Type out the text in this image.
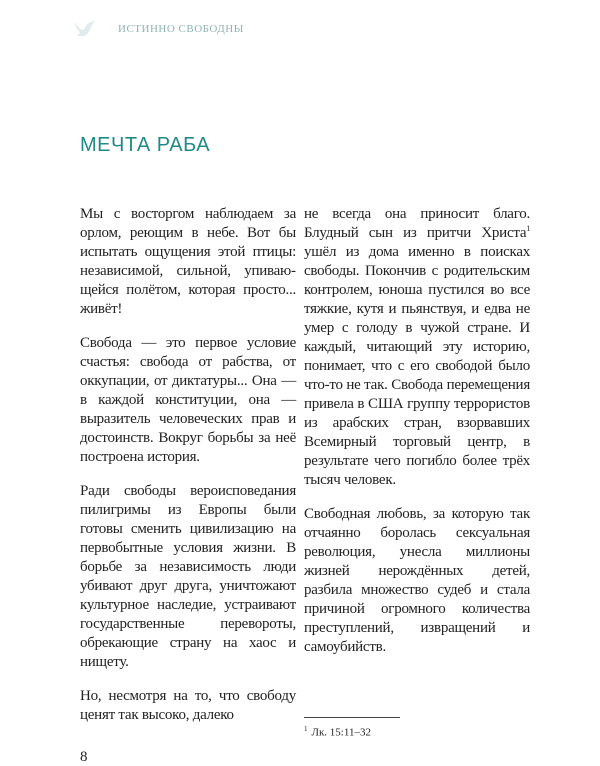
ИСТИННО СВОБОДНЫ
МЕЧТА РАБА

Мы с восторгом наблюдаем за орлом, реющим в небе. Вот бы испытать ощущения этой птицы: независимой, сильной, упивающейся полётом, которая просто... живёт!

Свобода — это первое условие счастья: свобода от рабства, от оккупации, от диктатуры... Она — в каждой конституции, она — выразитель человеческих прав и достоинств. Вокруг борьбы за неё построена история.

Ради свободы вероисповедания пилигримы из Европы были готовы сменить цивилизацию на первобытные условия жизни. В борьбе за независимость люди убивают друг друга, уничтожают культурное наследие, устраивают государственные перевороты, обрекающие страну на хаос и нищету.

Но, несмотря на то, что свободу ценят так высоко, далеко

не всегда она приносит благо. Блудный сын из притчи Христа$^1$ ушёл из дома именно в поисках свободы. Покончив с родительским контролем, юноша пустился во все тяжкие, кутя и пьянствуя, и едва не умер с голоду в чужой стране. И каждый, читающий эту историю, понимает, что с его свободой было что-то не так. Свобода перемещения привела в США группу террористов из арабских стран, взорвавших Всемирный торговый центр, в результате чего погибло более трёх тысяч человек.

Свободная любовь, за которую так отчаянно боролась сексуальная революция, унесла миллионы жизней нерождённых детей, разбила множество судеб и стала причиной огромного количества преступлений, извращений и самоубийств.

$^1$ Лк. 15:11–32
8
